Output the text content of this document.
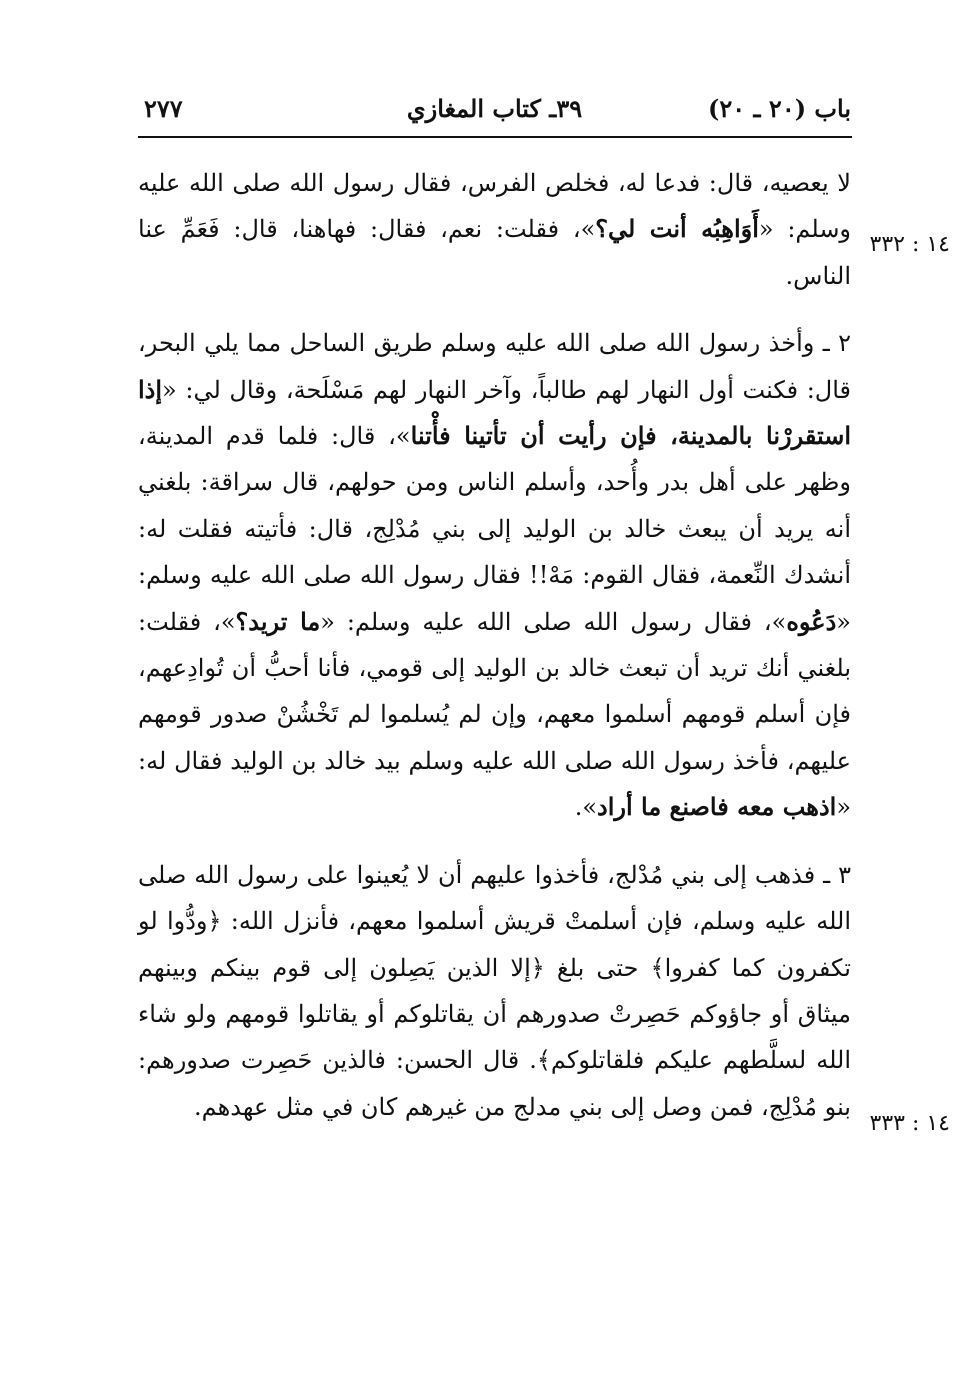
٢٧٧	٣٩ـ كتاب المغازي	باب (٢٠ ـ ٢٠)
١٤ : ٣٣٢
١٤ : ٣٣٣

لا يعصيه، قال: فدعا له، فخلص الفرس، فقال رسول الله صلى الله عليه وسلم: «أَوَاهِبُه أنت لي؟»، فقلت: نعم، فقال: فهاهنا، قال: فَعَمِّ عنا الناس.

٢ ـ وأخذ رسول الله صلى الله عليه وسلم طريق الساحل مما يلي البحر، قال: فكنت أول النهار لهم طالباً، وآخر النهار لهم مَسْلَحة، وقال لي: «إذا استقررْنا بالمدينة، فإن رأيت أن تأتينا فأْتنا»، قال: فلما قدم المدينة، وظهر على أهل بدر وأُحد، وأسلم الناس ومن حولهم، قال سراقة: بلغني أنه يريد أن يبعث خالد بن الوليد إلى بني مُدْلِج، قال: فأتيته فقلت له: أنشدك النِّعمة، فقال القوم: مَهْ!! فقال رسول الله صلى الله عليه وسلم: «دَعُوه»، فقال رسول الله صلى الله عليه وسلم: «ما تريد؟»، فقلت: بلغني أنك تريد أن تبعث خالد بن الوليد إلى قومي، فأنا أحبُّ أن تُوادِعهم، فإن أسلم قومهم أسلموا معهم، وإن لم يُسلموا لم تَخْشُنْ صدور قومهم عليهم، فأخذ رسول الله صلى الله عليه وسلم بيد خالد بن الوليد فقال له: «اذهب معه فاصنع ما أراد».

٣ ـ فذهب إلى بني مُدْلج، فأخذوا عليهم أن لا يُعينوا على رسول الله صلى الله عليه وسلم، فإن أسلمتْ قريش أسلموا معهم، فأنزل الله: ﴿ودُّوا لو تكفرون كما كفروا﴾ حتى بلغ ﴿إلا الذين يَصِلون إلى قوم بينكم وبينهم ميثاق أو جاؤوكم حَصِرتْ صدورهم أن يقاتلوكم أو يقاتلوا قومهم ولو شاء الله لسلَّطهم عليكم فلقاتلوكم﴾. قال الحسن: فالذين حَصِرت صدورهم: بنو مُدْلِج، فمن وصل إلى بني مدلج من غيرهم كان في مثل عهدهم.
